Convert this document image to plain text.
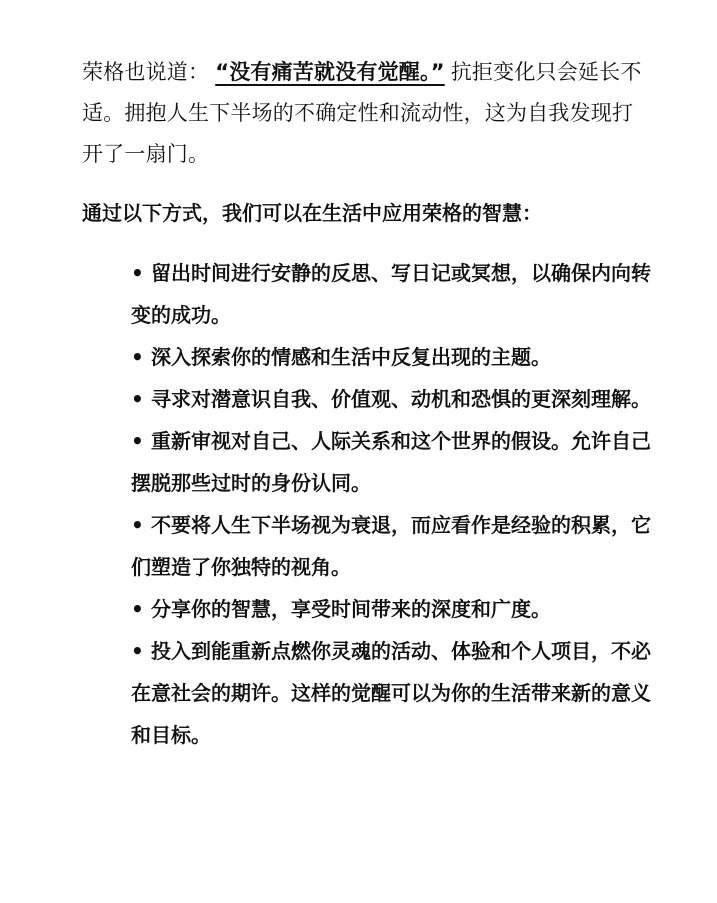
荣格也说道： “没有痛苦就没有觉醒。” 抗拒变化只会延长不适。拥抱人生下半场的不确定性和流动性，这为自我发现打开了一扇门。

通过以下方式，我们可以在生活中应用荣格的智慧：

• 留出时间进行安静的反思、写日记或冥想，以确保内向转变的成功。
• 深入探索你的情感和生活中反复出现的主题。
• 寻求对潜意识自我、价值观、动机和恐惧的更深刻理解。
• 重新审视对自己、人际关系和这个世界的假设。允许自己摆脱那些过时的身份认同。
• 不要将人生下半场视为衰退，而应看作是经验的积累，它们塑造了你独特的视角。
• 分享你的智慧，享受时间带来的深度和广度。
• 投入到能重新点燃你灵魂的活动、体验和个人项目，不必在意社会的期许。这样的觉醒可以为你的生活带来新的意义和目标。
